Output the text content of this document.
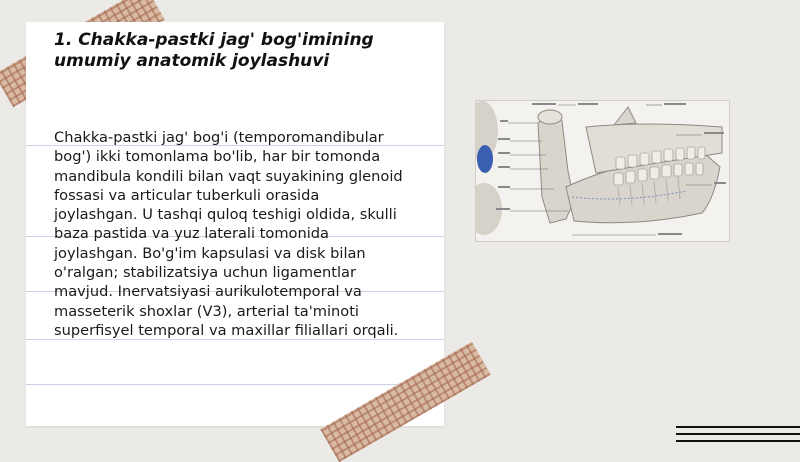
1. Chakka-pastki jag' bog'imining umumiy anatomik joylashuvi
Chakka-pastki jag' bog'i (temporomandibular bog') ikki tomonlama bo'lib, har bir tomonda mandibula kondili bilan vaqt suyakining glenoid fossasi va articular tuberkuli orasida joylashgan. U tashqi quloq teshigi oldida, skulli baza pastida va yuz laterali tomonida joylashgan. Bo'g'im kapsulasi va disk bilan o'ralgan; stabilizatsiya uchun ligamentlar mavjud. Inervatsiyasi aurikulotemporal va masseterik shoxlar (V3), arterial ta'minoti superfisyel temporal va maxillar filiallari orqali.
